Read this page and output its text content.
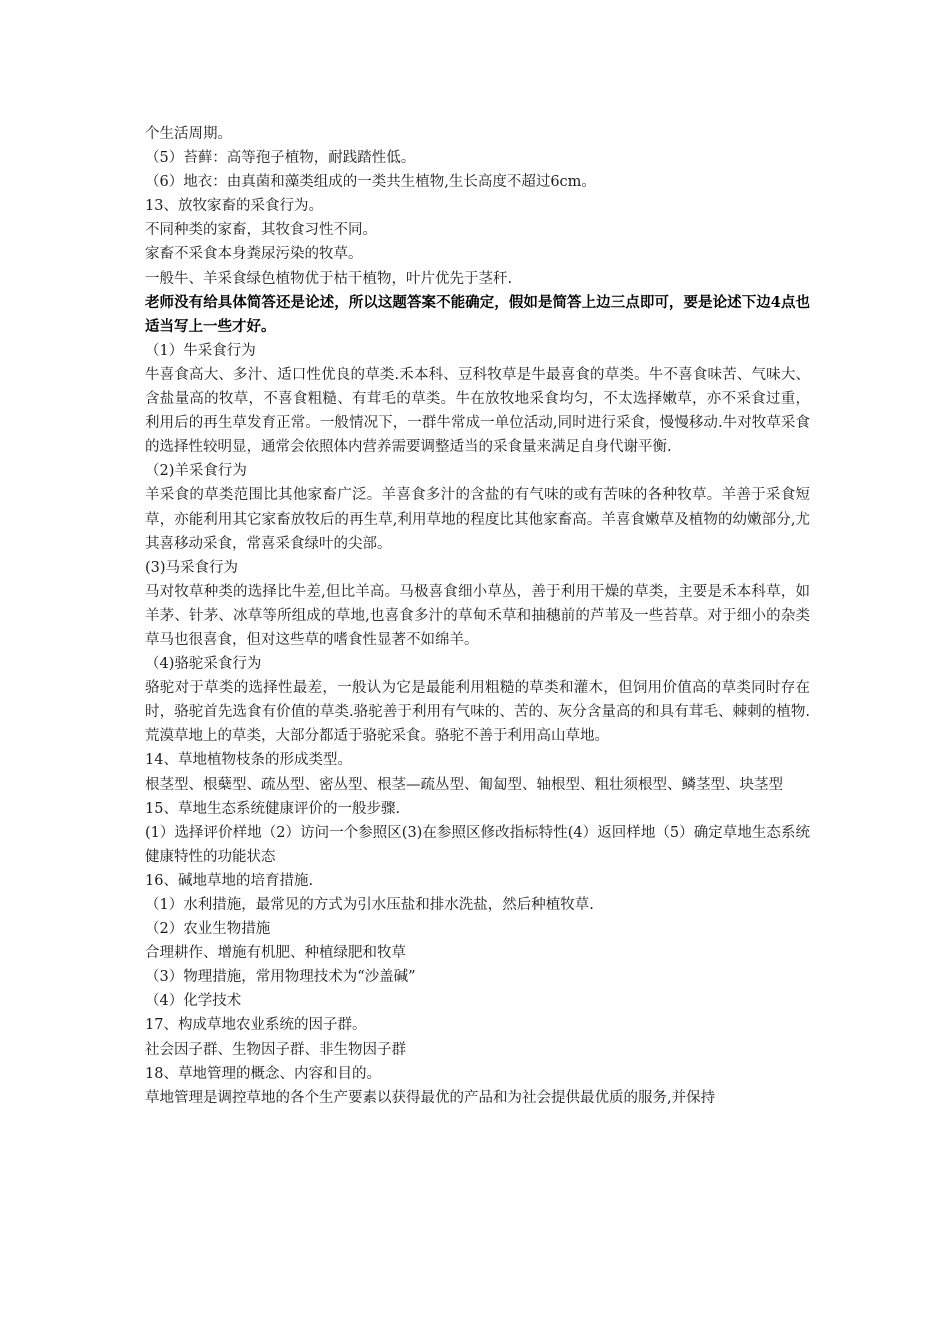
个生活周期。
（5）苔藓：高等孢子植物，耐践踏性低。
（6）地衣：由真菌和藻类组成的一类共生植物,生长高度不超过6cm。
13、放牧家畜的采食行为。
不同种类的家畜，其牧食习性不同。
家畜不采食本身粪尿污染的牧草。
一般牛、羊采食绿色植物优于枯干植物，叶片优先于茎秆.
老师没有给具体简答还是论述，所以这题答案不能确定，假如是简答上边三点即可，要是论述下边4点也适当写上一些才好。
（1）牛采食行为
牛喜食高大、多汁、适口性优良的草类.禾本科、豆科牧草是牛最喜食的草类。牛不喜食味苦、气味大、含盐量高的牧草，不喜食粗糙、有茸毛的草类。牛在放牧地采食均匀，不太选择嫩草，亦不采食过重，利用后的再生草发育正常。一般情况下，一群牛常成一单位活动,同时进行采食，慢慢移动.牛对牧草采食的选择性较明显，通常会依照体内营养需要调整适当的采食量来满足自身代谢平衡.
（2)羊采食行为
羊采食的草类范围比其他家畜广泛。羊喜食多汁的含盐的有气味的或有苦味的各种牧草。羊善于采食短草，亦能利用其它家畜放牧后的再生草,利用草地的程度比其他家畜高。羊喜食嫩草及植物的幼嫩部分,尤其喜移动采食，常喜采食绿叶的尖部。
(3)马采食行为
马对牧草种类的选择比牛差,但比羊高。马极喜食细小草丛，善于利用干燥的草类，主要是禾本科草，如羊茅、针茅、冰草等所组成的草地,也喜食多汁的草甸禾草和抽穗前的芦苇及一些苔草。对于细小的杂类草马也很喜食，但对这些草的嗜食性显著不如绵羊。
（4)骆驼采食行为
骆驼对于草类的选择性最差，一般认为它是最能利用粗糙的草类和灌木，但饲用价值高的草类同时存在时，骆驼首先选食有价值的草类.骆驼善于利用有气味的、苦的、灰分含量高的和具有茸毛、棘刺的植物.荒漠草地上的草类，大部分都适于骆驼采食。骆驼不善于利用高山草地。
14、草地植物枝条的形成类型。
根茎型、根蘖型、疏丛型、密丛型、根茎—疏丛型、匍匐型、轴根型、粗壮须根型、鳞茎型、块茎型
15、草地生态系统健康评价的一般步骤.
(1）选择评价样地（2）访问一个参照区(3)在参照区修改指标特性(4）返回样地（5）确定草地生态系统健康特性的功能状态
16、碱地草地的培育措施.
（1）水利措施，最常见的方式为引水压盐和排水洗盐，然后种植牧草.
（2）农业生物措施
合理耕作、增施有机肥、种植绿肥和牧草
（3）物理措施，常用物理技术为“沙盖碱”
（4）化学技术
17、构成草地农业系统的因子群。
社会因子群、生物因子群、非生物因子群
18、草地管理的概念、内容和目的。
草地管理是调控草地的各个生产要素以获得最优的产品和为社会提供最优质的服务,并保持
